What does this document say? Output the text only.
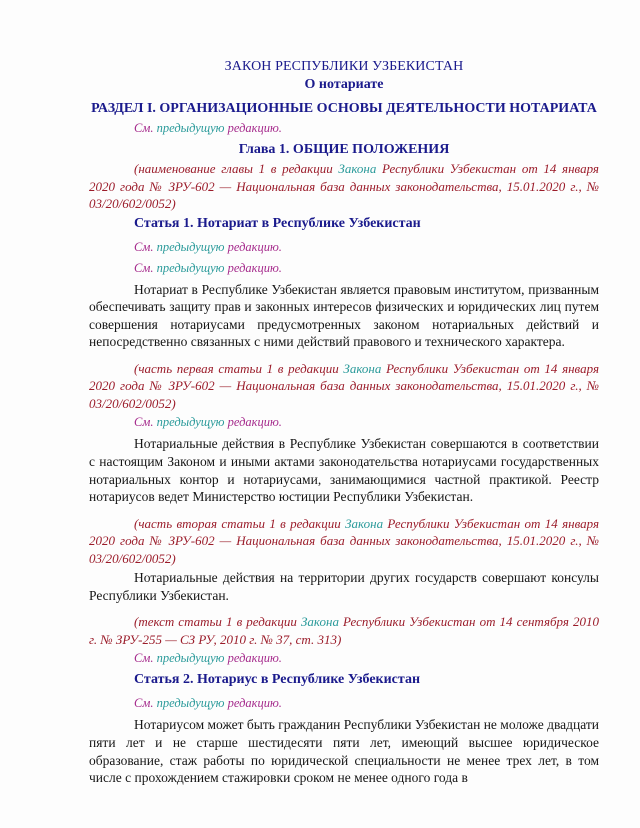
ЗАКОН РЕСПУБЛИКИ УЗБЕКИСТАН
О нотариате
РАЗДЕЛ I. ОРГАНИЗАЦИОННЫЕ ОСНОВЫ ДЕЯТЕЛЬНОСТИ НОТАРИАТА
См. предыдущую редакцию.
Глава 1. ОБЩИЕ ПОЛОЖЕНИЯ

(наименование главы 1 в редакции Закона Республики Узбекистан от 14 января 2020 года № ЗРУ-602 — Национальная база данных законодательства, 15.01.2020 г., № 03/20/602/0052)

Статья 1. Нотариат в Республике Узбекистан
См. предыдущую редакцию.
См. предыдущую редакцию.

Нотариат в Республике Узбекистан является правовым институтом, призванным обеспечивать защиту прав и законных интересов физических и юридических лиц путем совершения нотариусами предусмотренных законом нотариальных действий и непосредственно связанных с ними действий правового и технического характера.

(часть первая статьи 1 в редакции Закона Республики Узбекистан от 14 января 2020 года № ЗРУ-602 — Национальная база данных законодательства, 15.01.2020 г., № 03/20/602/0052)

См. предыдущую редакцию.

Нотариальные действия в Республике Узбекистан совершаются в соответствии с настоящим Законом и иными актами законодательства нотариусами государственных нотариальных контор и нотариусами, занимающимися частной практикой. Реестр нотариусов ведет Министерство юстиции Республики Узбекистан.

(часть вторая статьи 1 в редакции Закона Республики Узбекистан от 14 января 2020 года № ЗРУ-602 — Национальная база данных законодательства, 15.01.2020 г., № 03/20/602/0052)

Нотариальные действия на территории других государств совершают консулы Республики Узбекистан.

(текст статьи 1 в редакции Закона Республики Узбекистан от 14 сентября 2010 г. № ЗРУ-255 — СЗ РУ, 2010 г. № 37, ст. 313)

См. предыдущую редакцию.
Статья 2. Нотариус в Республике Узбекистан
См. предыдущую редакцию.

Нотариусом может быть гражданин Республики Узбекистан не моложе двадцати пяти лет и не старше шестидесяти пяти лет, имеющий высшее юридическое образование, стаж работы по юридической специальности не менее трех лет, в том числе с прохождением стажировки сроком не менее одного года в
